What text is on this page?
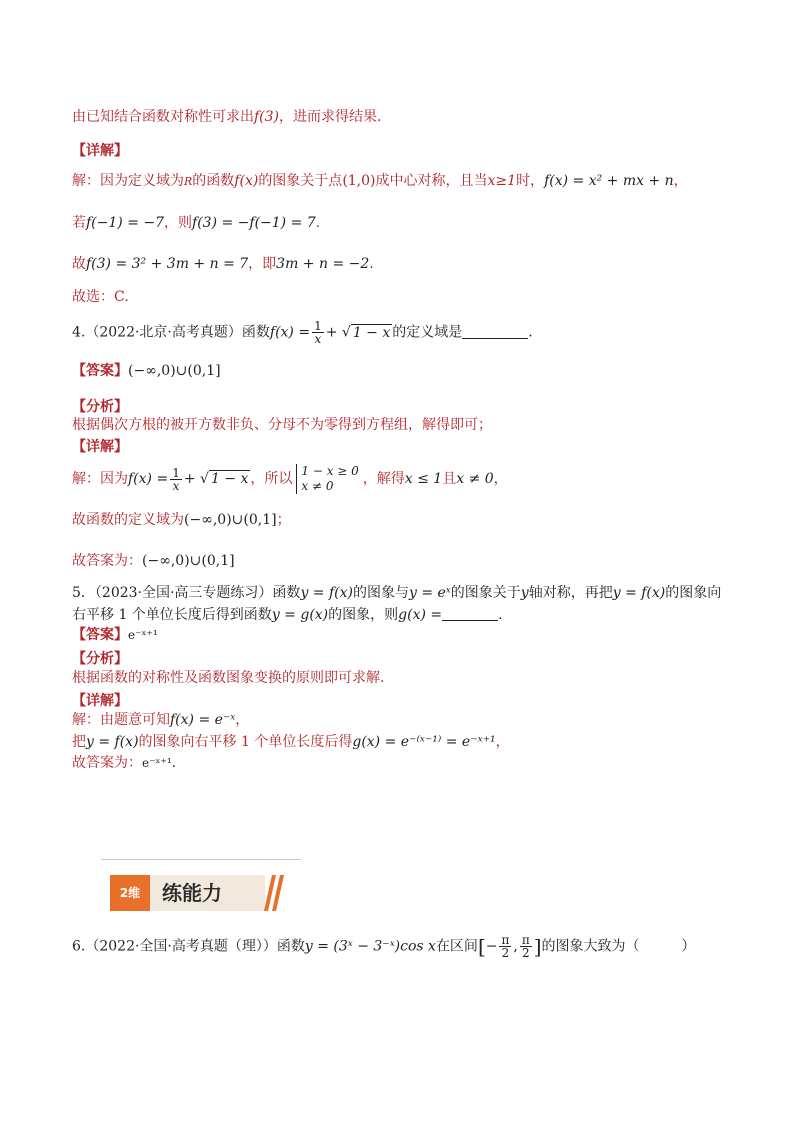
由已知结合函数对称性可求出f(3)，进而求得结果.
【详解】
解：因为定义域为R的函数f(x)的图象关于点(1,0)成中心对称，且当x≥1时，f(x) = x² + mx + n，
若f(−1) = −7，则f(3) = −f(−1) = 7.
故f(3) = 3² + 3m + n = 7，即3m + n = −2.
故选：C.
4.（2022·北京·高考真题）函数$f(x) = \frac{1}{x}$ + √ 1 − x 的定义域是	.
【答案】(−∞,0)∪(0,1]
【分析】
根据偶次方根的被开方数非负、分母不为零得到方程组，解得即可；
【详解】
解：因为$f(x) = \frac{1}{x}$ + √ 1 − x ，所以 1 − x ≥ 0
x ≠ 0	，解得x ≤ 1且x ≠ 0，
故函数的定义域为(−∞,0)∪(0,1]；
故答案为：(−∞,0)∪(0,1]
5．（2023·全国·高三专题练习）函数y = f(x)的图象与y = eˣ的图象关于y轴对称，再把y = f(x)的图象向
右平移 1 个单位长度后得到函数y = g(x)的图象，则g(x) =	.
【答案】e⁻ˣ⁺¹
【分析】
根据函数的对称性及函数图象变换的原则即可求解.
【详解】
解：由题意可知f(x) = e⁻ˣ，
把y = f(x)的图象向右平移 1 个单位长度后得g(x) = e⁻⁽ˣ⁻¹⁾ = e⁻ˣ⁺¹，
故答案为：e⁻ˣ⁺¹.
2维	练能力
6.（2022·全国·高考真题（理））函数y = (3ˣ − 3⁻ˣ)cos x在区间[− $\frac{\pi}{2}$ , $\frac{\pi}{2}$ ]的图象大致为（　　　）
